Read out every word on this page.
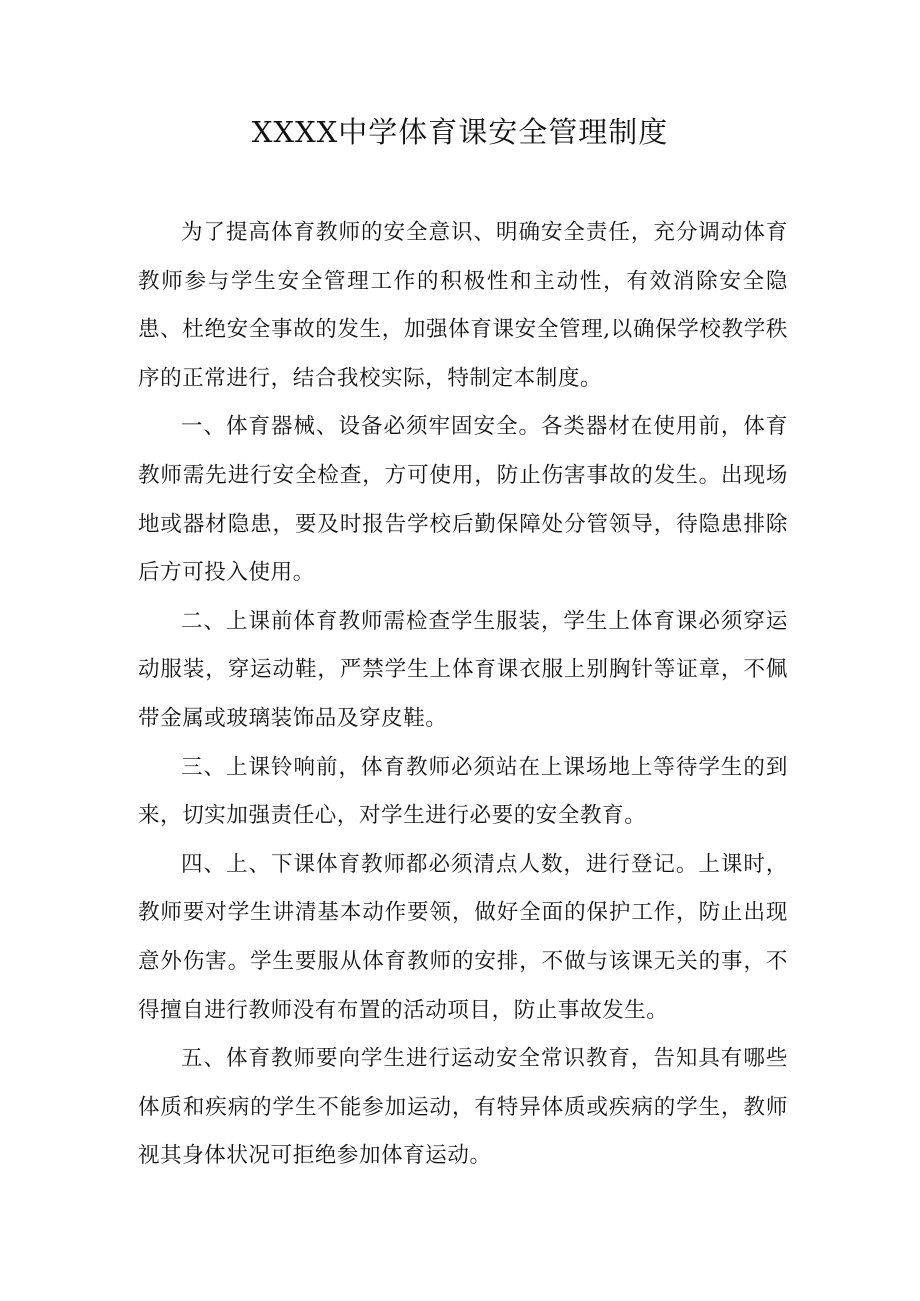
XXXX中学体育课安全管理制度

为了提高体育教师的安全意识、明确安全责任，充分调动体育教师参与学生安全管理工作的积极性和主动性，有效消除安全隐患、杜绝安全事故的发生，加强体育课安全管理,以确保学校教学秩序的正常进行，结合我校实际，特制定本制度。

一、体育器械、设备必须牢固安全。各类器材在使用前，体育教师需先进行安全检查，方可使用，防止伤害事故的发生。出现场地或器材隐患，要及时报告学校后勤保障处分管领导，待隐患排除后方可投入使用。

二、上课前体育教师需检查学生服装，学生上体育课必须穿运动服装，穿运动鞋，严禁学生上体育课衣服上别胸针等证章，不佩带金属或玻璃装饰品及穿皮鞋。

三、上课铃响前，体育教师必须站在上课场地上等待学生的到来，切实加强责任心，对学生进行必要的安全教育。

四、上、下课体育教师都必须清点人数，进行登记。上课时，教师要对学生讲清基本动作要领，做好全面的保护工作，防止出现意外伤害。学生要服从体育教师的安排，不做与该课无关的事，不得擅自进行教师没有布置的活动项目，防止事故发生。

五、体育教师要向学生进行运动安全常识教育，告知具有哪些体质和疾病的学生不能参加运动，有特异体质或疾病的学生，教师视其身体状况可拒绝参加体育运动。
